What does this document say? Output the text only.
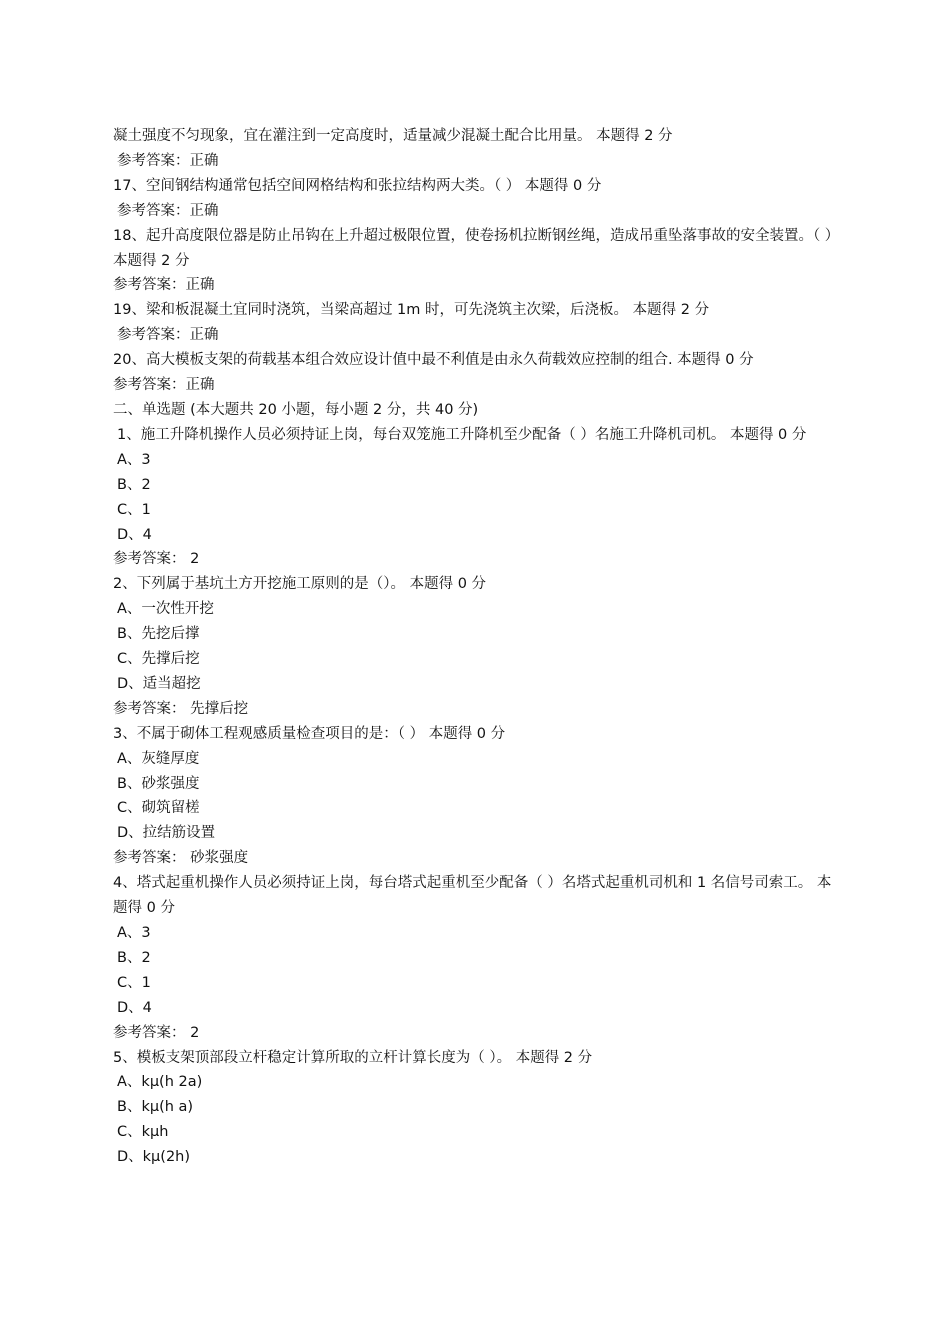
凝土强度不匀现象，宜在灌注到一定高度时，适量减少混凝土配合比用量。 本题得 2 分
参考答案：正确
17、空间钢结构通常包括空间网格结构和张拉结构两大类。（ ） 本题得 0 分
参考答案：正确
18、起升高度限位器是防止吊钩在上升超过极限位置，使卷扬机拉断钢丝绳，造成吊重坠落事故的安全装置。（ ） 本题得 2 分
参考答案：正确
19、梁和板混凝土宜同时浇筑，当梁高超过 1m 时，可先浇筑主次梁，后浇板。 本题得 2 分
参考答案：正确
20、高大模板支架的荷载基本组合效应设计值中最不利值是由永久荷载效应控制的组合. 本题得 0 分
参考答案：正确
二、单选题 (本大题共 20 小题，每小题 2 分，共 40 分)
1、施工升降机操作人员必须持证上岗，每台双笼施工升降机至少配备（ ）名施工升降机司机。 本题得 0 分
A、3
B、2
C、1
D、4
参考答案： 2
2、下列属于基坑土方开挖施工原则的是（）。 本题得 0 分
A、一次性开挖
B、先挖后撑
C、先撑后挖
D、适当超挖
参考答案： 先撑后挖
3、不属于砌体工程观感质量检查项目的是：（ ） 本题得 0 分
A、灰缝厚度
B、砂浆强度
C、砌筑留槎
D、拉结筋设置
参考答案： 砂浆强度
4、塔式起重机操作人员必须持证上岗，每台塔式起重机至少配备（ ）名塔式起重机司机和 1 名信号司索工。 本题得 0 分
A、3
B、2
C、1
D、4
参考答案： 2
5、模板支架顶部段立杆稳定计算所取的立杆计算长度为（ ）。 本题得 2 分
A、kμ(h 2a)
B、kμ(h a)
C、kμh
D、kμ(2h)
